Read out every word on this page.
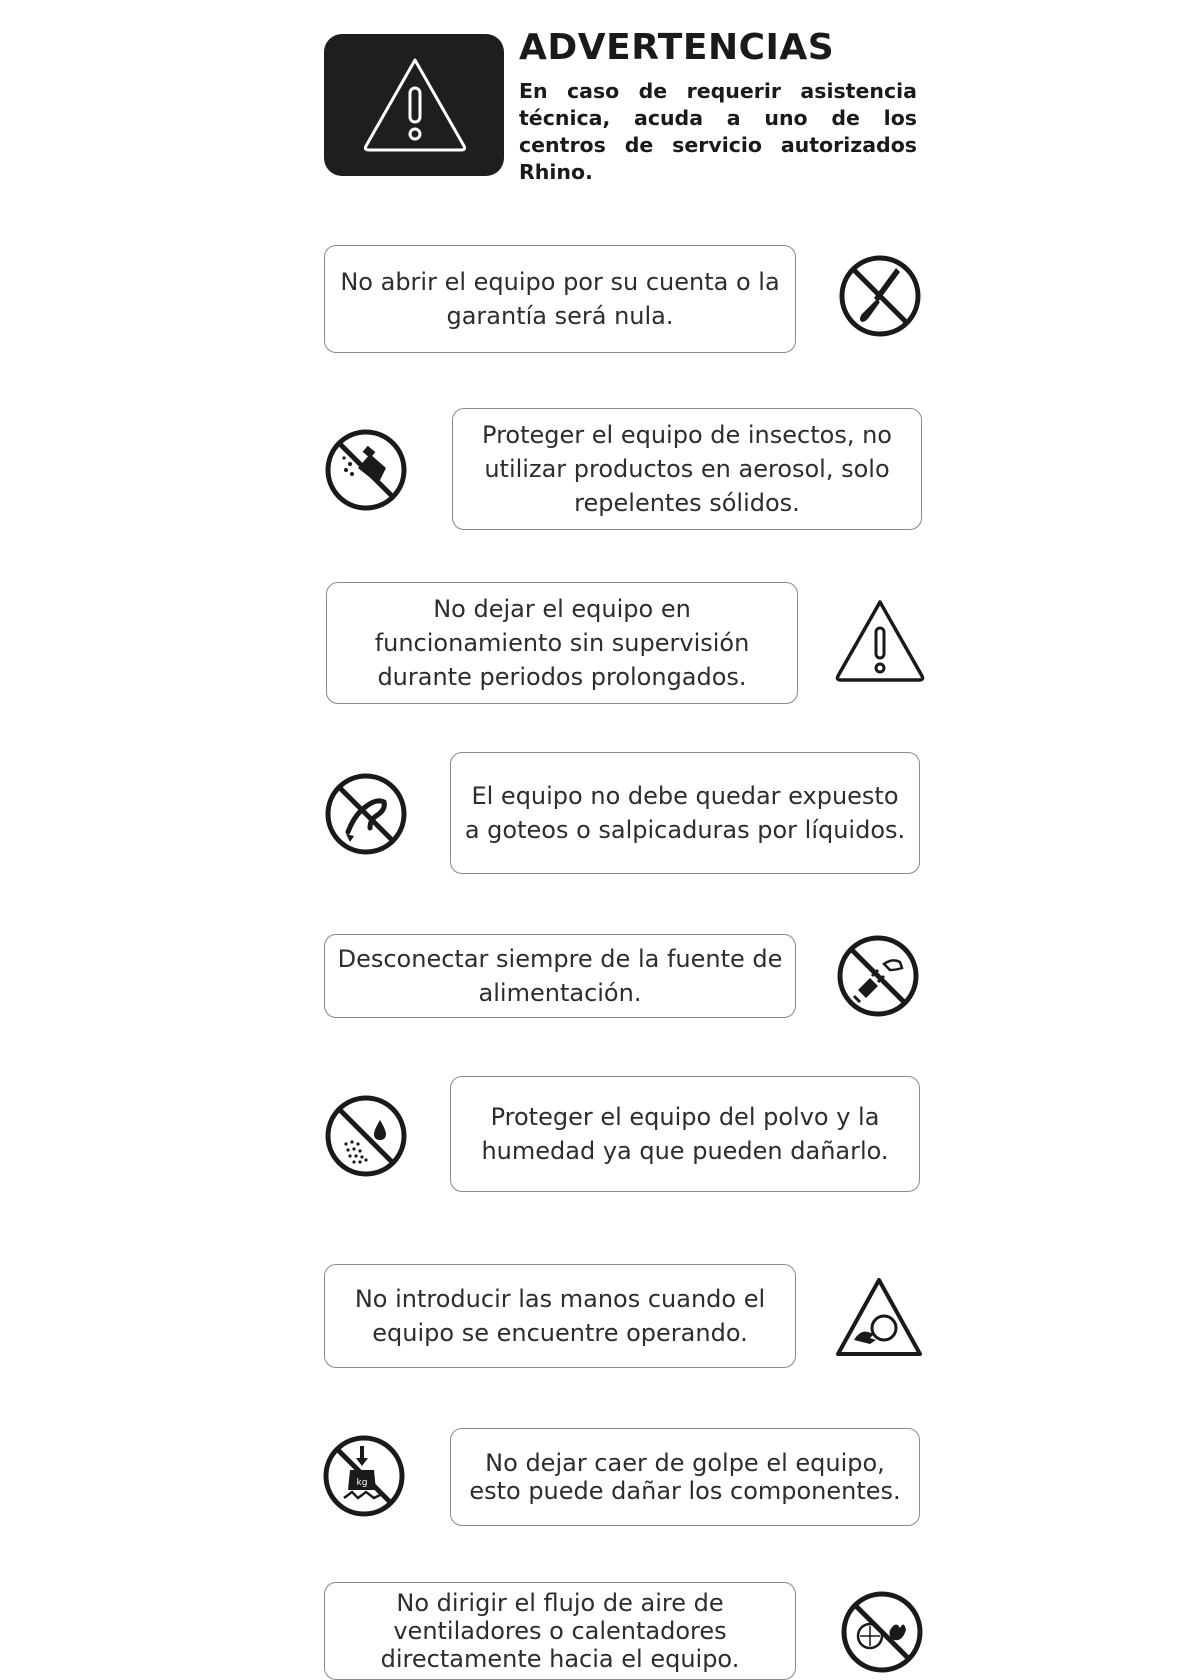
ADVERTENCIAS

En caso de requerir asistencia técnica, acuda a uno de los centros de servicio autorizados Rhino.

No abrir el equipo por su cuenta o la garantía será nula.
Proteger el equipo de insectos, no utilizar productos en aerosol, solo repelentes sólidos.
No dejar el equipo en funcionamiento sin supervisión durante periodos prolongados.
El equipo no debe quedar expuesto a goteos o salpicaduras por líquidos.
Desconectar siempre de la fuente de alimentación.
Proteger el equipo del polvo y la humedad ya que pueden dañarlo.
No introducir las manos cuando el equipo se encuentre operando.
kg
No dejar caer de golpe el equipo, esto puede dañar los componentes.
No dirigir el flujo de aire de ventiladores o calentadores directamente hacia el equipo.
